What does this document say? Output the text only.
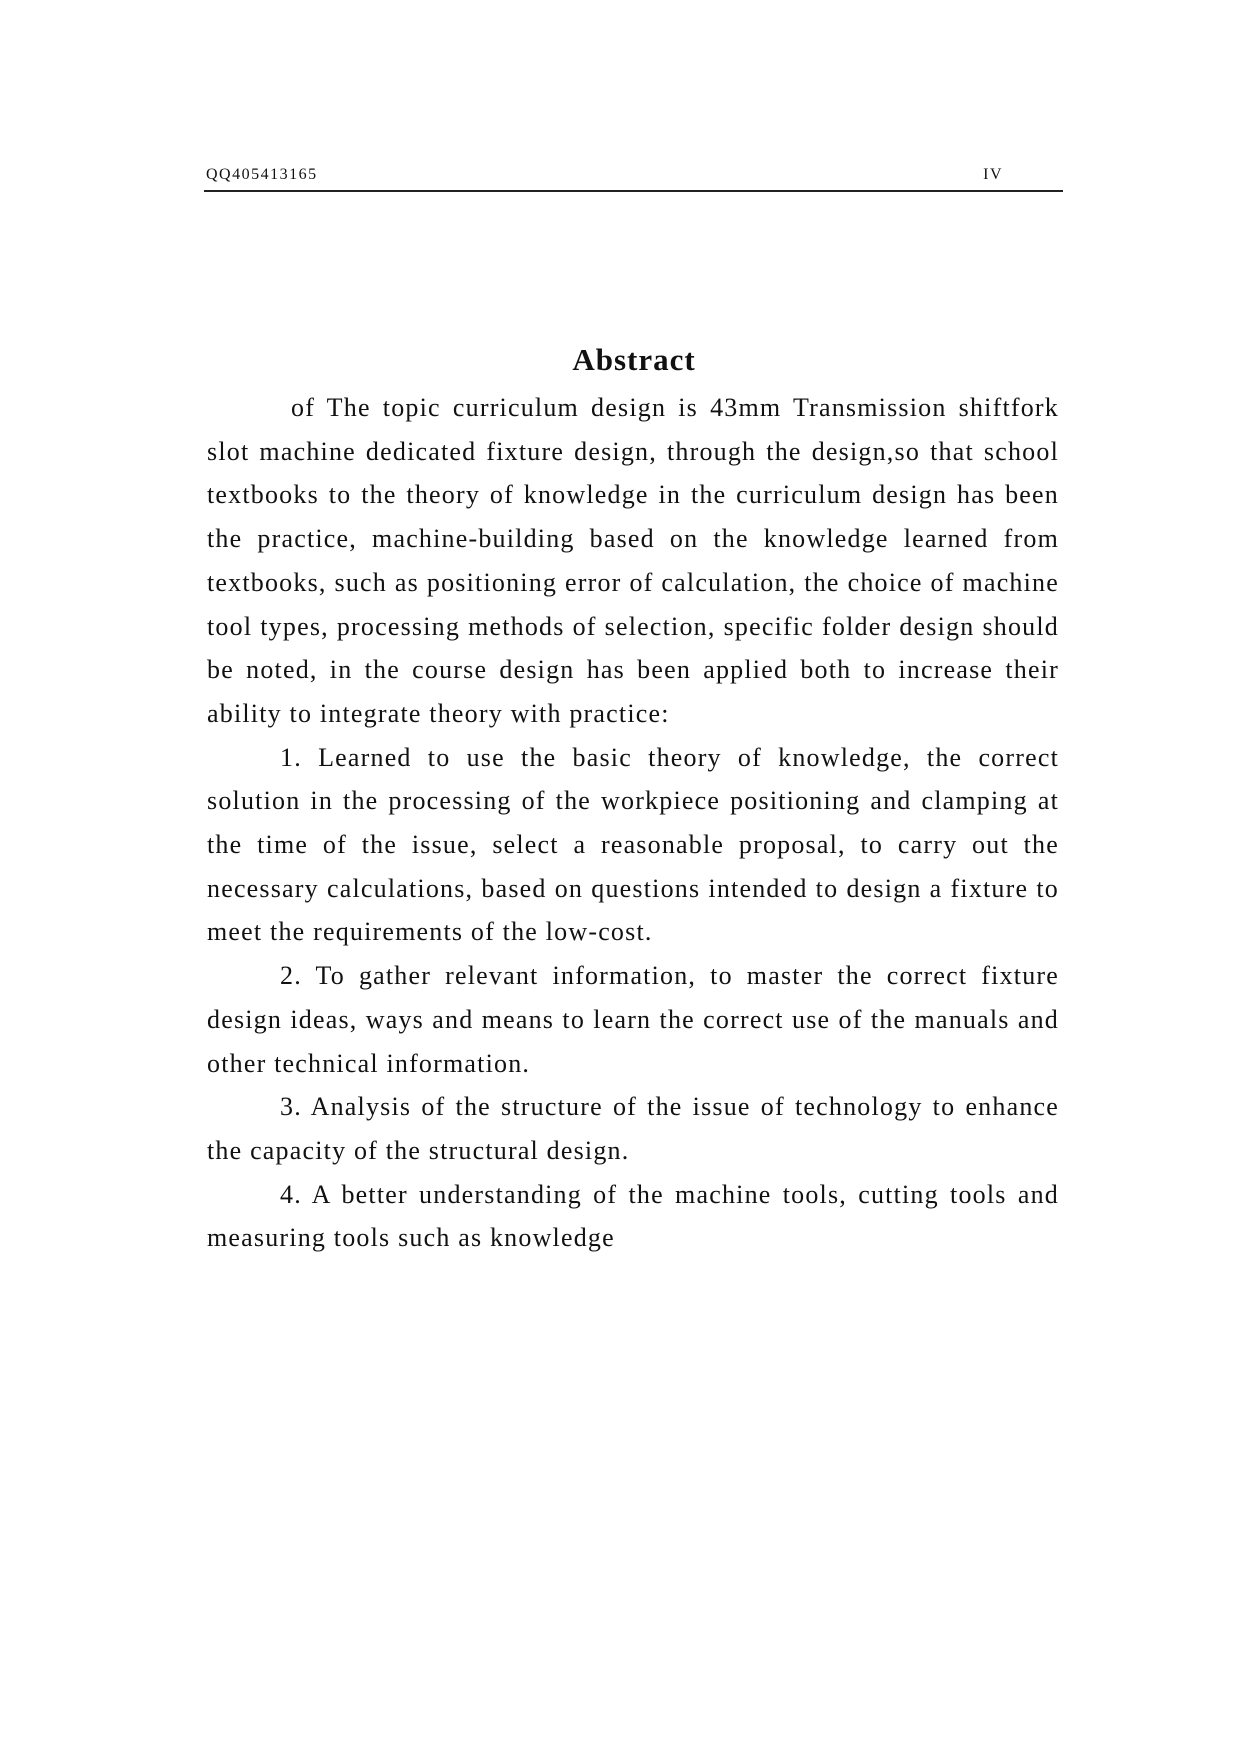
QQ405413165	IV
Abstract

of The topic curriculum design is 43mm Transmission shiftfork slot machine dedicated fixture design, through the design,so that school textbooks to the theory of knowledge in the curriculum design has been the practice, machine-building based on the knowledge learned from textbooks, such as positioning error of calculation, the choice of machine tool types, processing methods of selection, specific folder design should be noted, in the course design has been applied both to increase their ability to integrate theory with practice:

1. Learned to use the basic theory of knowledge, the correct solution in the processing of the workpiece positioning and clamping at the time of the issue, select a reasonable proposal, to carry out the necessary calculations, based on questions intended to design a fixture to meet the requirements of the low-cost.

2. To gather relevant information, to master the correct fixture design ideas, ways and means to learn the correct use of the manuals and other technical information.

3. Analysis of the structure of the issue of technology to enhance the capacity of the structural design.

4. A better understanding of the machine tools, cutting tools and measuring tools such as knowledge
